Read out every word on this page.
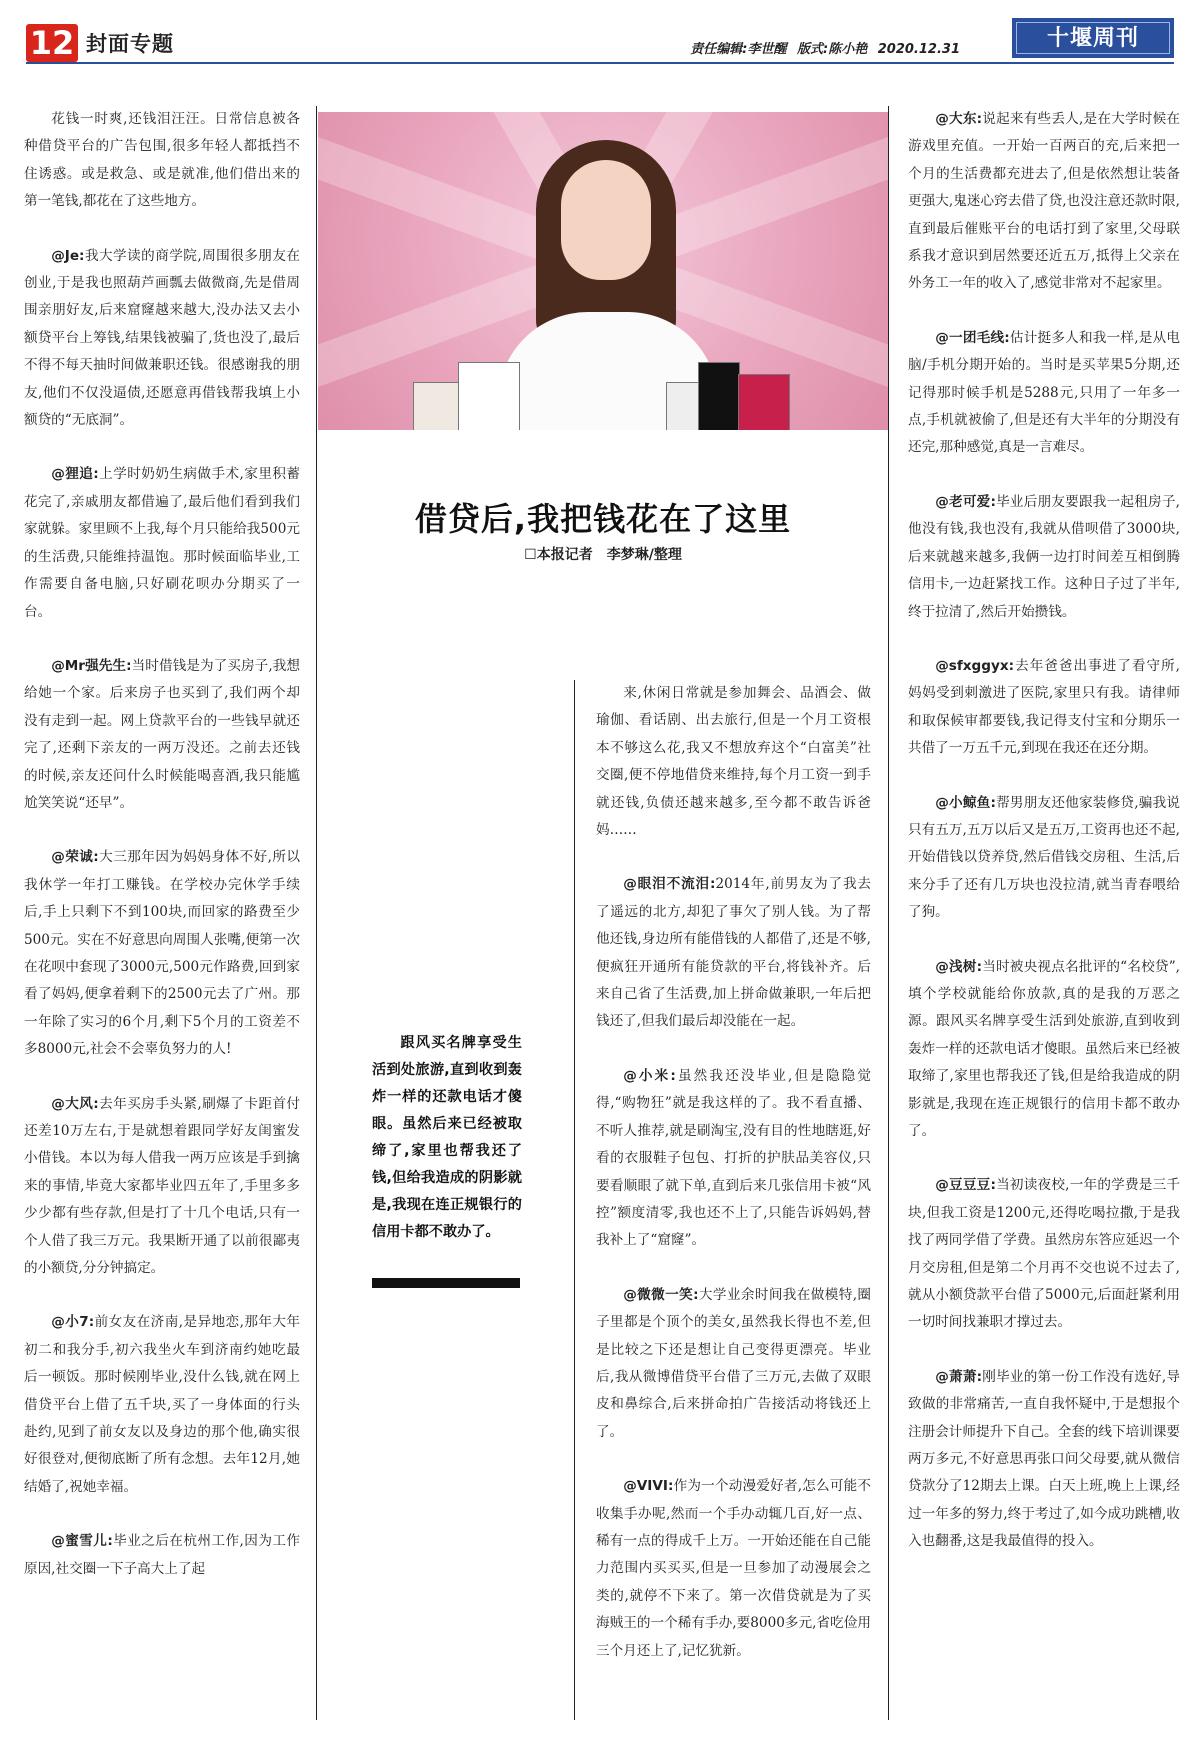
12 封面专题	责任编辑:李世醒 版式:陈小艳 2020.12.31	十堰周刊

花钱一时爽,还钱泪汪汪。日常信息被各种借贷平台的广告包围,很多年轻人都抵挡不住诱惑。或是救急、或是就准,他们借出来的第一笔钱,都花在了这些地方。

@Je:我大学读的商学院,周围很多朋友在创业,于是我也照葫芦画瓢去做微商,先是借周围亲朋好友,后来窟窿越来越大,没办法又去小额贷平台上筹钱,结果钱被骗了,货也没了,最后不得不每天抽时间做兼职还钱。很感谢我的朋友,他们不仅没逼债,还愿意再借钱帮我填上小额贷的“无底洞”。

@狸追:上学时奶奶生病做手术,家里积蓄花完了,亲戚朋友都借遍了,最后他们看到我们家就躲。家里顾不上我,每个月只能给我500元的生活费,只能维持温饱。那时候面临毕业,工作需要自备电脑,只好刷花呗办分期买了一台。

@Mr强先生:当时借钱是为了买房子,我想给她一个家。后来房子也买到了,我们两个却没有走到一起。网上贷款平台的一些钱早就还完了,还剩下亲友的一两万没还。之前去还钱的时候,亲友还问什么时候能喝喜酒,我只能尴尬笑笑说“还早”。

@荣诚:大三那年因为妈妈身体不好,所以我休学一年打工赚钱。在学校办完休学手续后,手上只剩下不到100块,而回家的路费至少500元。实在不好意思向周围人张嘴,便第一次在花呗中套现了3000元,500元作路费,回到家看了妈妈,便拿着剩下的2500元去了广州。那一年除了实习的6个月,剩下5个月的工资差不多8000元,社会不会辜负努力的人!

@大风:去年买房手头紧,刷爆了卡距首付还差10万左右,于是就想着跟同学好友闺蜜发小借钱。本以为每人借我一两万应该是手到擒来的事情,毕竟大家都毕业四五年了,手里多多少少都有些存款,但是打了十几个电话,只有一个人借了我三万元。我果断开通了以前很鄙夷的小额贷,分分钟搞定。

@小7:前女友在济南,是异地恋,那年大年初二和我分手,初六我坐火车到济南约她吃最后一顿饭。那时候刚毕业,没什么钱,就在网上借贷平台上借了五千块,买了一身体面的行头赴约,见到了前女友以及身边的那个他,确实很好很登对,便彻底断了所有念想。去年12月,她结婚了,祝她幸福。

@蜜雪儿:毕业之后在杭州工作,因为工作原因,社交圈一下子高大上了起

借贷后,我把钱花在了这里
☐本报记者　李梦琳/整理
跟风买名牌享受生活到处旅游,直到收到轰炸一样的还款电话才傻眼。虽然后来已经被取缔了,家里也帮我还了钱,但给我造成的阴影就是,我现在连正规银行的信用卡都不敢办了。

来,休闲日常就是参加舞会、品酒会、做瑜伽、看话剧、出去旅行,但是一个月工资根本不够这么花,我又不想放弃这个“白富美”社交圈,便不停地借贷来维持,每个月工资一到手就还钱,负债还越来越多,至今都不敢告诉爸妈……

@眼泪不流泪:2014年,前男友为了我去了遥远的北方,却犯了事欠了别人钱。为了帮他还钱,身边所有能借钱的人都借了,还是不够,便疯狂开通所有能贷款的平台,将钱补齐。后来自己省了生活费,加上拼命做兼职,一年后把钱还了,但我们最后却没能在一起。

@小米:虽然我还没毕业,但是隐隐觉得,“购物狂”就是我这样的了。我不看直播、不听人推荐,就是刷淘宝,没有目的性地瞎逛,好看的衣服鞋子包包、打折的护肤品美容仪,只要看顺眼了就下单,直到后来几张信用卡被“风控”额度清零,我也还不上了,只能告诉妈妈,替我补上了“窟窿”。

@微微一笑:大学业余时间我在做模特,圈子里都是个顶个的美女,虽然我长得也不差,但是比较之下还是想让自己变得更漂亮。毕业后,我从微博借贷平台借了三万元,去做了双眼皮和鼻综合,后来拼命拍广告接活动将钱还上了。

@VIVI:作为一个动漫爱好者,怎么可能不收集手办呢,然而一个手办动辄几百,好一点、稀有一点的得成千上万。一开始还能在自己能力范围内买买买,但是一旦参加了动漫展会之类的,就停不下来了。第一次借贷就是为了买海贼王的一个稀有手办,要8000多元,省吃俭用三个月还上了,记忆犹新。

@大东:说起来有些丢人,是在大学时候在游戏里充值。一开始一百两百的充,后来把一个月的生活费都充进去了,但是依然想让装备更强大,鬼迷心窍去借了贷,也没注意还款时限,直到最后催账平台的电话打到了家里,父母联系我才意识到居然要还近五万,抵得上父亲在外务工一年的收入了,感觉非常对不起家里。

@一团毛线:估计挺多人和我一样,是从电脑/手机分期开始的。当时是买苹果5分期,还记得那时候手机是5288元,只用了一年多一点,手机就被偷了,但是还有大半年的分期没有还完,那种感觉,真是一言难尽。

@老可爱:毕业后朋友要跟我一起租房子,他没有钱,我也没有,我就从借呗借了3000块,后来就越来越多,我俩一边打时间差互相倒腾信用卡,一边赶紧找工作。这种日子过了半年,终于拉清了,然后开始攒钱。

@sfxggyx:去年爸爸出事进了看守所,妈妈受到刺激进了医院,家里只有我。请律师和取保候审都要钱,我记得支付宝和分期乐一共借了一万五千元,到现在我还在还分期。

@小鲸鱼:帮男朋友还他家装修贷,骗我说只有五万,五万以后又是五万,工资再也还不起,开始借钱以贷养贷,然后借钱交房租、生活,后来分手了还有几万块也没拉清,就当青春喂给了狗。

@浅树:当时被央视点名批评的“名校贷”,填个学校就能给你放款,真的是我的万恶之源。跟风买名牌享受生活到处旅游,直到收到轰炸一样的还款电话才傻眼。虽然后来已经被取缔了,家里也帮我还了钱,但是给我造成的阴影就是,我现在连正规银行的信用卡都不敢办了。

@豆豆豆:当初读夜校,一年的学费是三千块,但我工资是1200元,还得吃喝拉撒,于是我找了两同学借了学费。虽然房东答应延迟一个月交房租,但是第二个月再不交也说不过去了,就从小额贷款平台借了5000元,后面赶紧利用一切时间找兼职才撑过去。

@萧萧:刚毕业的第一份工作没有选好,导致做的非常痛苦,一直自我怀疑中,于是想报个注册会计师提升下自己。全套的线下培训课要两万多元,不好意思再张口问父母要,就从微信贷款分了12期去上课。白天上班,晚上上课,经过一年多的努力,终于考过了,如今成功跳槽,收入也翻番,这是我最值得的投入。
